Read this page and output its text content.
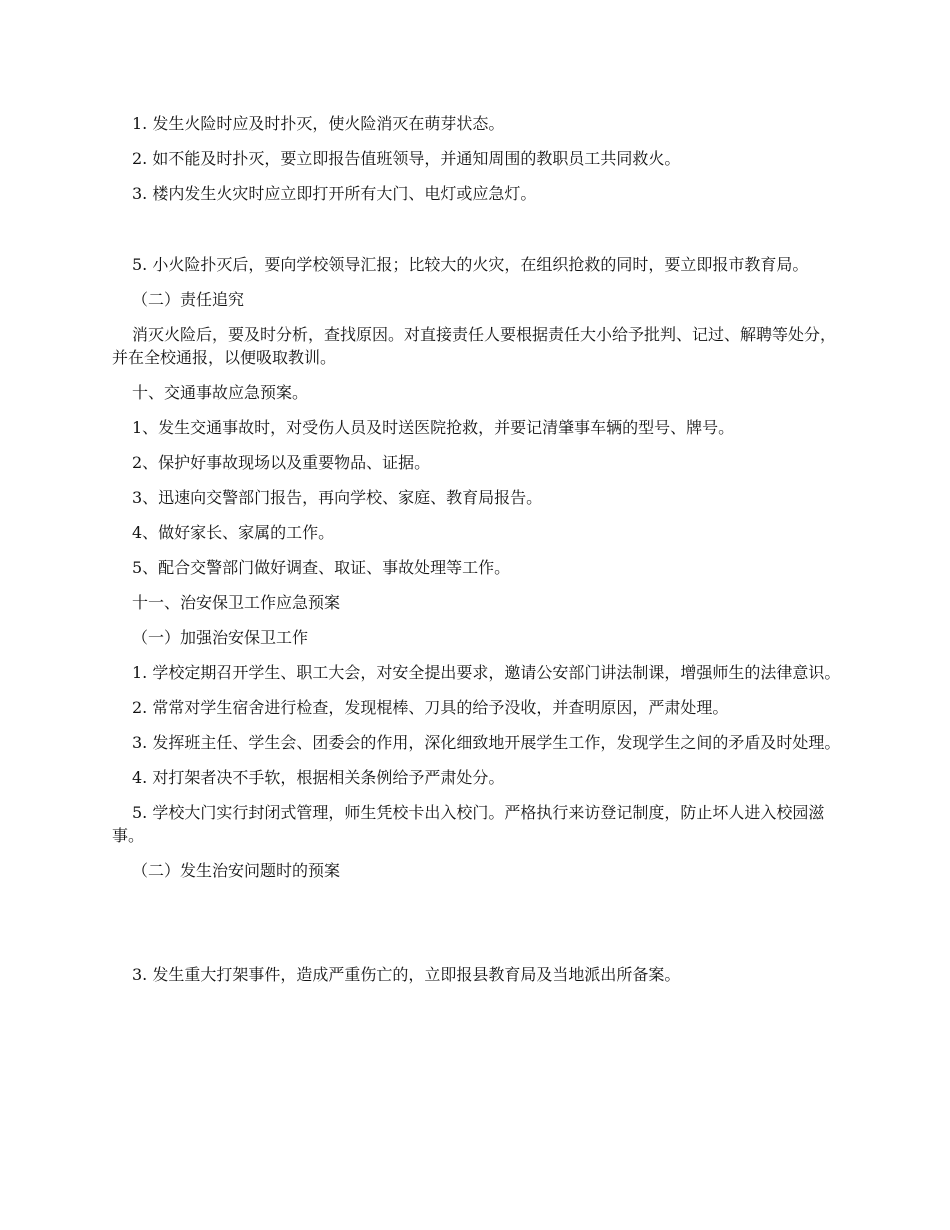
1. 发生火险时应及时扑灭，使火险消灭在萌芽状态。

2. 如不能及时扑灭，要立即报告值班领导，并通知周围的教职员工共同救火。

3. 楼内发生火灾时应立即打开所有大门、电灯或应急灯。

5. 小火险扑灭后，要向学校领导汇报；比较大的火灾，在组织抢救的同时，要立即报市教育局。

（二）责任追究

消灭火险后，要及时分析，查找原因。对直接责任人要根据责任大小给予批判、记过、解聘等处分，并在全校通报，以便吸取教训。

十、交通事故应急预案。

1、发生交通事故时，对受伤人员及时送医院抢救，并要记清肇事车辆的型号、牌号。

2、保护好事故现场以及重要物品、证据。

3、迅速向交警部门报告，再向学校、家庭、教育局报告。

4、做好家长、家属的工作。

5、配合交警部门做好调查、取证、事故处理等工作。

十一、治安保卫工作应急预案

（一）加强治安保卫工作

1. 学校定期召开学生、职工大会，对安全提出要求，邀请公安部门讲法制课，增强师生的法律意识。

2. 常常对学生宿舍进行检查，发现棍棒、刀具的给予没收，并查明原因，严肃处理。

3. 发挥班主任、学生会、团委会的作用，深化细致地开展学生工作，发现学生之间的矛盾及时处理。

4. 对打架者决不手软，根据相关条例给予严肃处分。

5. 学校大门实行封闭式管理，师生凭校卡出入校门。严格执行来访登记制度，防止坏人进入校园滋事。

（二）发生治安问题时的预案

3. 发生重大打架事件，造成严重伤亡的，立即报县教育局及当地派出所备案。
